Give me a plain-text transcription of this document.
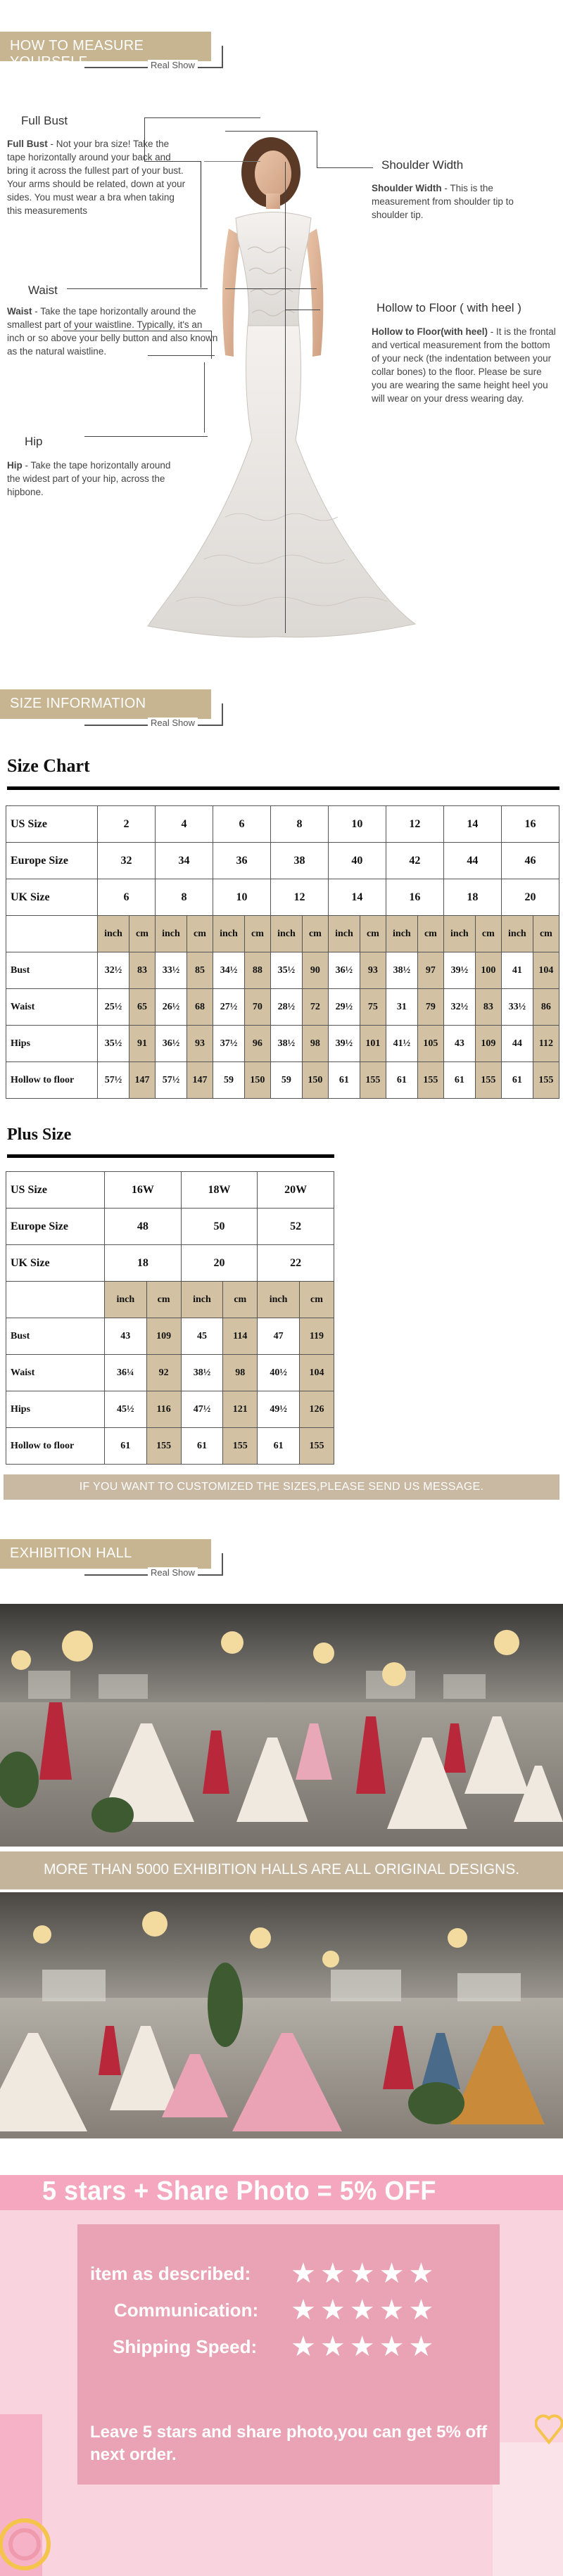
HOW TO MEASURE YOURSELF	Real Show
Full Bust
Full Bust - Not your bra size! Take the tape horizontally around your back and bring it across the fullest part of your bust. Your arms should be related, down at your sides. You must wear a bra when taking this measurements
Waist
Waist - Take the tape horizontally around the smallest part of your waistline. Typically, it's an inch or so above your belly button and also known as the natural waistline.
Hip
Hip - Take the tape horizontally around the widest part of your hip, across the hipbone.
Shoulder Width
Shoulder Width - This is the measurement from shoulder tip to shoulder tip.
Hollow to Floor ( with heel )
Hollow to Floor(with heel) - It is the frontal and vertical measurement from the bottom of your neck (the indentation between your collar bones) to the floor. Please be sure you are wearing the same height heel you will wear on your dress wearing day.
SIZE INFORMATION
Real Show
Size Chart
US Size	2		4		6		8		10		12		14		16	
Europe Size	32		34		36		38		40		42		44		46	
UK Size	6		8		10		12		14		16		18		20	
	inch	cm	inch	cm	inch	cm	inch	cm	inch	cm	inch	cm	inch	cm	inch	cm
Bust	32½	83	33½	85	34½	88	35½	90	36½	93	38½	97	39½	100	41	104
Waist	25½	65	26½	68	27½	70	28½	72	29½	75	31	79	32½	83	33½	86
Hips	35½	91	36½	93	37½	96	38½	98	39½	101	41½	105	43	109	44	112
Hollow to floor	57½	147	57½	147	59	150	59	150	61	155	61	155	61	155	61	155
Plus Size
US Size	16W		18W		20W	
Europe Size	48		50		52	
UK Size	18		20		22	
	inch	cm	inch	cm	inch	cm
Bust	43	109	45	114	47	119
Waist	36¼	92	38½	98	40½	104
Hips	45½	116	47½	121	49½	126
Hollow to floor	61	155	61	155	61	155
IF YOU WANT TO CUSTOMIZED THE SIZES,PLEASE SEND US MESSAGE.
EXHIBITION HALL
Real Show
MORE THAN 5000 EXHIBITION HALLS ARE ALL ORIGINAL DESIGNS.
5 stars + Share Photo = 5% OFF
item as described: ★★★★★
Communication: ★★★★★
Shipping Speed: ★★★★★
Leave 5 stars and share photo,you can get 5% off next order.
